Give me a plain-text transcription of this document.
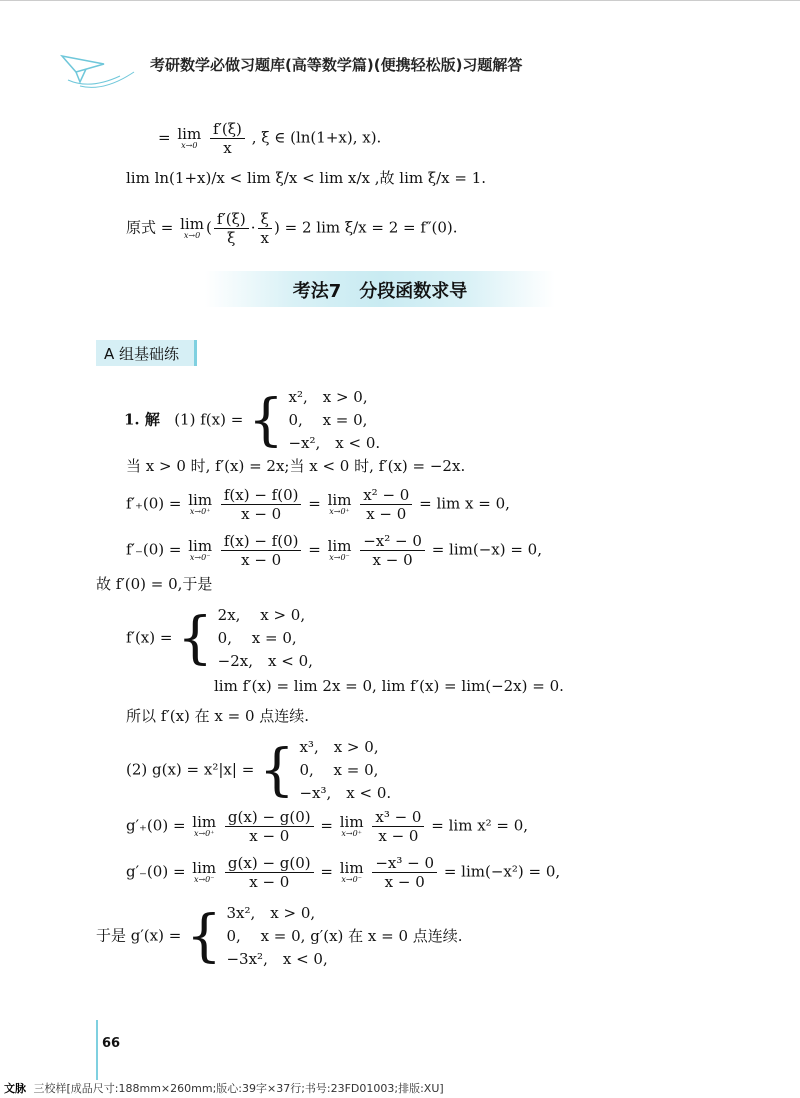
考研数学必做习题库(高等数学篇)(便携轻松版)习题解答
= lim
x→0
$\frac{f'(\xi)}{x}$ , ξ ∈ (ln(1+x), x).
lim ln(1+x)/x < lim ξ/x < lim x/x ,故 lim ξ/x = 1.
原式 = lim
x→0 ( $\frac{f'(\xi)}{\xi} \cdot \frac{\xi}{x}$ ) = 2 lim ξ/x = 2 = f″(0).
考法7　分段函数求导
A 组基础练
1. 解 (1) f(x) = { x²,　x > 0,
0,　 x = 0,
−x²,　x < 0.
当 x > 0 时, f′(x) = 2x;当 x < 0 时, f′(x) = −2x.
f′₊(0) = lim
x→0⁺
$\frac{f(x) - f(0)}{x - 0} = \lim$
x→0⁺
$\frac{\text{x² − 0}}{x - 0} = \lim x = 0$,
f′₋(0) = lim
x→0⁻
$\frac{f(x) - f(0)}{x - 0} = \lim$
x→0⁻
$\frac{\text{−x² − 0}}{x - 0} = \lim(-x) = 0$,
故 f′(0) = 0,于是
f′(x) = { 2x,　 x > 0,
0,　 x = 0,
−2x,　x < 0,
lim f′(x) = lim 2x = 0, lim f′(x) = lim(−2x) = 0.
所以 f′(x) 在 x = 0 点连续.
(2) g(x) = x²|x| = { x³,　x > 0,
0,　 x = 0,
−x³,　x < 0.
g′₊(0) = lim
x→0⁺
$\frac{g(x) - g(0)}{x - 0} = \lim$
x→0⁺
$\frac{\text{x³ − 0}}{x - 0} = \lim x^2 = 0$,
g′₋(0) = lim
x→0⁻
$\frac{g(x) - g(0)}{x - 0} = \lim$
x→0⁻
$\frac{\text{−x³ − 0}}{x - 0} = \lim(-x^2) = 0$,
于是 g′(x) = { 3x²,　x > 0,
0,　 x = 0, g′(x) 在 x = 0 点连续.
−3x²,　x < 0,
66
文脉 三校样[成品尺寸:188mm×260mm;版心:39字×37行;书号:23FD01003;排版:XU]
